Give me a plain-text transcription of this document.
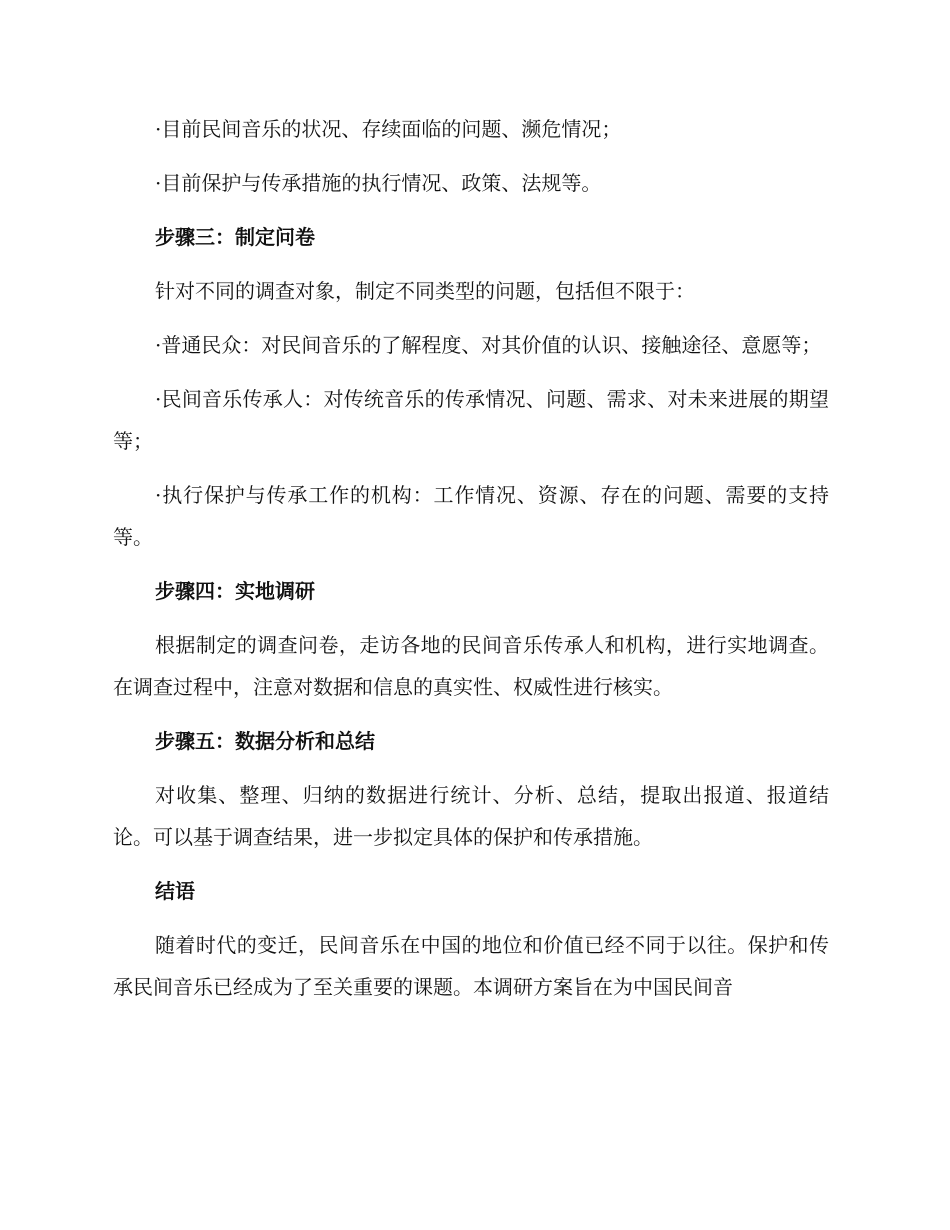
·目前民间音乐的状况、存续面临的问题、濒危情况；

·目前保护与传承措施的执行情况、政策、法规等。

步骤三：制定问卷

针对不同的调查对象，制定不同类型的问题，包括但不限于：

·普通民众：对民间音乐的了解程度、对其价值的认识、接触途径、意愿等；

·民间音乐传承人：对传统音乐的传承情况、问题、需求、对未来进展的期望等；

·执行保护与传承工作的机构：工作情况、资源、存在的问题、需要的支持等。

步骤四：实地调研

根据制定的调查问卷，走访各地的民间音乐传承人和机构，进行实地调查。在调查过程中，注意对数据和信息的真实性、权威性进行核实。

步骤五：数据分析和总结

对收集、整理、归纳的数据进行统计、分析、总结，提取出报道、报道结论。可以基于调查结果，进一步拟定具体的保护和传承措施。

结语

随着时代的变迁，民间音乐在中国的地位和价值已经不同于以往。保护和传承民间音乐已经成为了至关重要的课题。本调研方案旨在为中国民间音
